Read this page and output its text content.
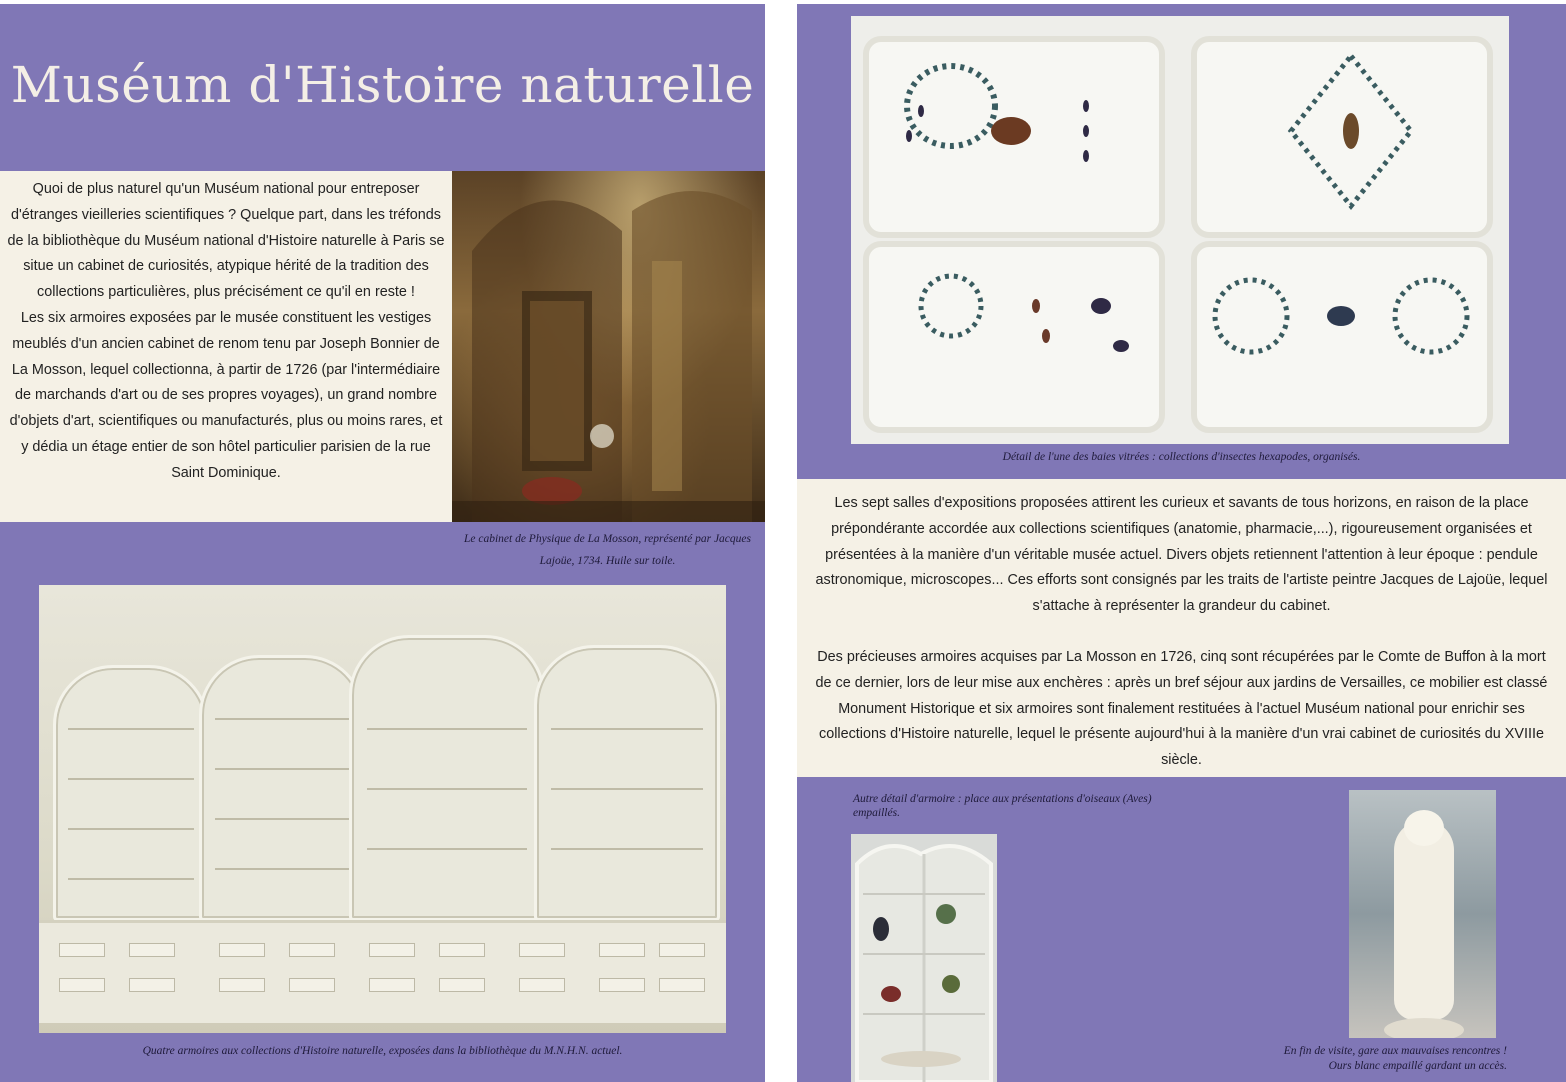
Muséum d'Histoire naturelle

Quoi de plus naturel qu'un Muséum national pour entreposer d'étranges vieilleries scientifiques ? Quelque part, dans les tréfonds de la bibliothèque du Muséum national d'Histoire naturelle à Paris se situe un cabinet de curiosités, atypique hérité de la tradition des collections particulières, plus précisément ce qu'il en reste !

Les six armoires exposées par le musée constituent les vestiges meublés d'un ancien cabinet de renom tenu par Joseph Bonnier de La Mosson, lequel collectionna, à partir de 1726 (par l'intermédiaire de marchands d'art ou de ses propres voyages), un grand nombre d'objets d'art, scientifiques ou manufacturés, plus ou moins rares, et y dédia un étage entier de son hôtel particulier parisien de la rue Saint Dominique.

Le cabinet de Physique de La Mosson, représenté par Jacques Lajoüe, 1734. Huile sur toile.

Quatre armoires aux collections d'Histoire naturelle, exposées dans la bibliothèque du M.N.H.N. actuel.

Détail de l'une des baies vitrées : collections d'insectes hexapodes, organisés.

Les sept salles d'expositions proposées attirent les curieux et savants de tous horizons, en raison de la place prépondérante accordée aux collections scientifiques (anatomie, pharmacie,...), rigoureusement organisées et présentées à la manière d'un véritable musée actuel. Divers objets retiennent l'attention à leur époque : pendule astronomique, microscopes... Ces efforts sont consignés par les traits de l'artiste peintre Jacques de Lajoüe, lequel s'attache à représenter la grandeur du cabinet.

Des précieuses armoires acquises par La Mosson en 1726, cinq sont récupérées par le Comte de Buffon à la mort de ce dernier, lors de leur mise aux enchères : après un bref séjour aux jardins de Versailles, ce mobilier est classé Monument Historique et six armoires sont finalement restituées à l'actuel Muséum national pour enrichir ses collections d'Histoire naturelle, lequel le présente aujourd'hui à la manière d'un vrai cabinet de curiosités du XVIIIe siècle.

Autre détail d'armoire : place aux présentations d'oiseaux (Aves) empaillés.

En fin de visite, gare aux mauvaises rencontres !

Ours blanc empaillé gardant un accès.
